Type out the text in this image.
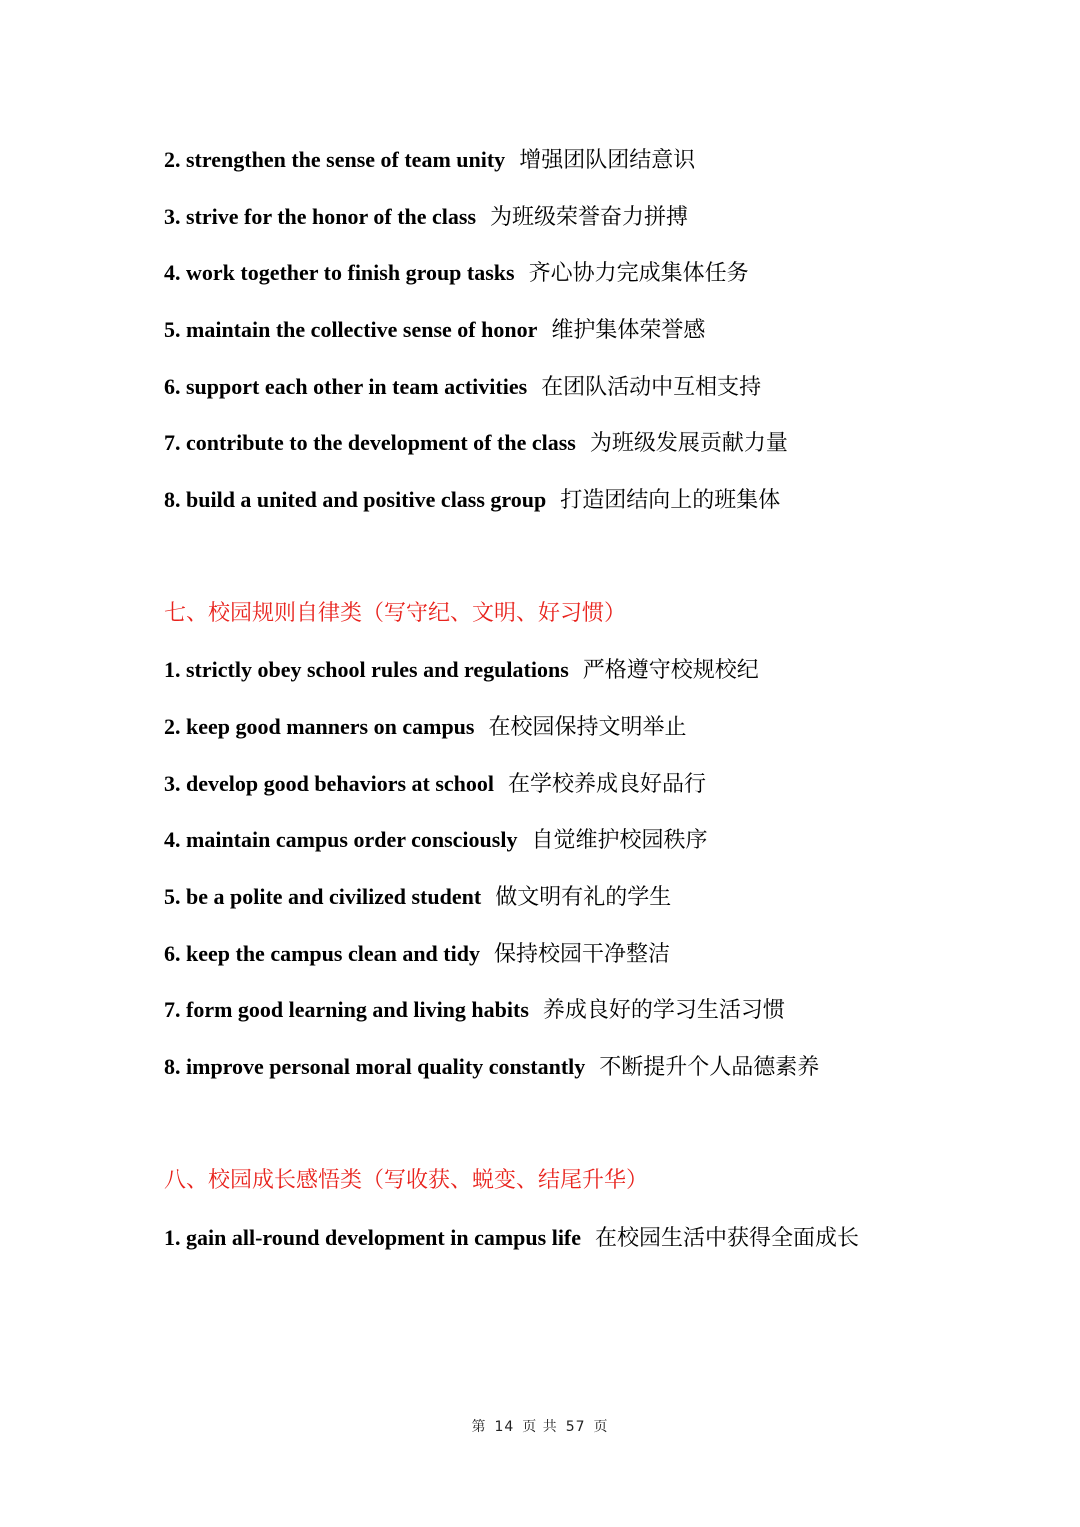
2. strengthen the sense of team unity 增强团队团结意识
3. strive for the honor of the class 为班级荣誉奋力拼搏
4. work together to finish group tasks 齐心协力完成集体任务
5. maintain the collective sense of honor 维护集体荣誉感
6. support each other in team activities 在团队活动中互相支持
7. contribute to the development of the class 为班级发展贡献力量
8. build a united and positive class group 打造团结向上的班集体
七、校园规则自律类（写守纪、文明、好习惯）
1. strictly obey school rules and regulations 严格遵守校规校纪
2. keep good manners on campus 在校园保持文明举止
3. develop good behaviors at school 在学校养成良好品行
4. maintain campus order consciously 自觉维护校园秩序
5. be a polite and civilized student 做文明有礼的学生
6. keep the campus clean and tidy 保持校园干净整洁
7. form good learning and living habits 养成良好的学习生活习惯
8. improve personal moral quality constantly 不断提升个人品德素养
八、校园成长感悟类（写收获、蜕变、结尾升华）
1. gain all-round development in campus life 在校园生活中获得全面成长
第 14 页 共 57 页
